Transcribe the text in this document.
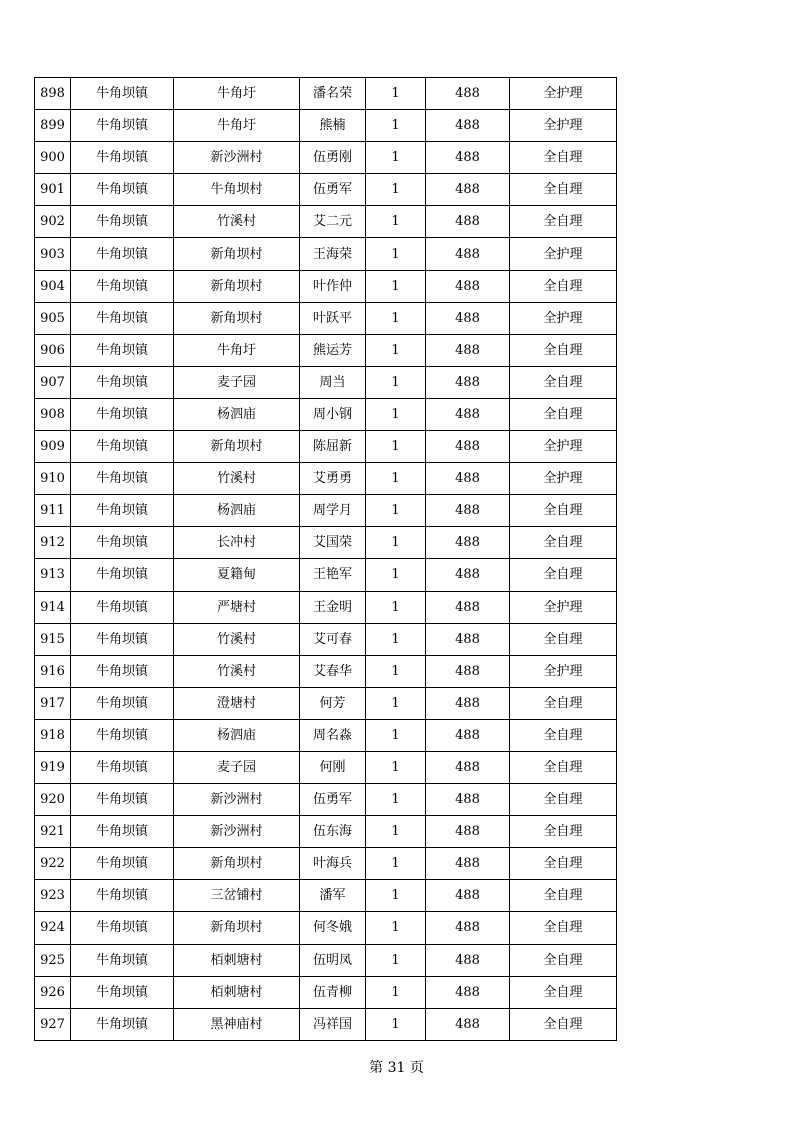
898	牛角坝镇	牛角圩	潘名荣	1	488	全护理
899	牛角坝镇	牛角圩	熊楠	1	488	全护理
900	牛角坝镇	新沙洲村	伍勇刚	1	488	全自理
901	牛角坝镇	牛角坝村	伍勇军	1	488	全自理
902	牛角坝镇	竹溪村	艾二元	1	488	全自理
903	牛角坝镇	新角坝村	王海荣	1	488	全护理
904	牛角坝镇	新角坝村	叶作仲	1	488	全自理
905	牛角坝镇	新角坝村	叶跃平	1	488	全护理
906	牛角坝镇	牛角圩	熊运芳	1	488	全自理
907	牛角坝镇	麦子园	周当	1	488	全自理
908	牛角坝镇	杨泗庙	周小钢	1	488	全自理
909	牛角坝镇	新角坝村	陈屈新	1	488	全护理
910	牛角坝镇	竹溪村	艾勇勇	1	488	全护理
911	牛角坝镇	杨泗庙	周学月	1	488	全自理
912	牛角坝镇	长冲村	艾国荣	1	488	全自理
913	牛角坝镇	夏籍甸	王艳军	1	488	全自理
914	牛角坝镇	严塘村	王金明	1	488	全护理
915	牛角坝镇	竹溪村	艾可春	1	488	全自理
916	牛角坝镇	竹溪村	艾春华	1	488	全护理
917	牛角坝镇	澄塘村	何芳	1	488	全自理
918	牛角坝镇	杨泗庙	周名淼	1	488	全自理
919	牛角坝镇	麦子园	何刚	1	488	全自理
920	牛角坝镇	新沙洲村	伍勇军	1	488	全自理
921	牛角坝镇	新沙洲村	伍东海	1	488	全自理
922	牛角坝镇	新角坝村	叶海兵	1	488	全自理
923	牛角坝镇	三岔铺村	潘军	1	488	全自理
924	牛角坝镇	新角坝村	何冬娥	1	488	全自理
925	牛角坝镇	栢刺塘村	伍明凤	1	488	全自理
926	牛角坝镇	栢刺塘村	伍青柳	1	488	全自理
927	牛角坝镇	黑神庙村	冯祥国	1	488	全自理
第 31 页
